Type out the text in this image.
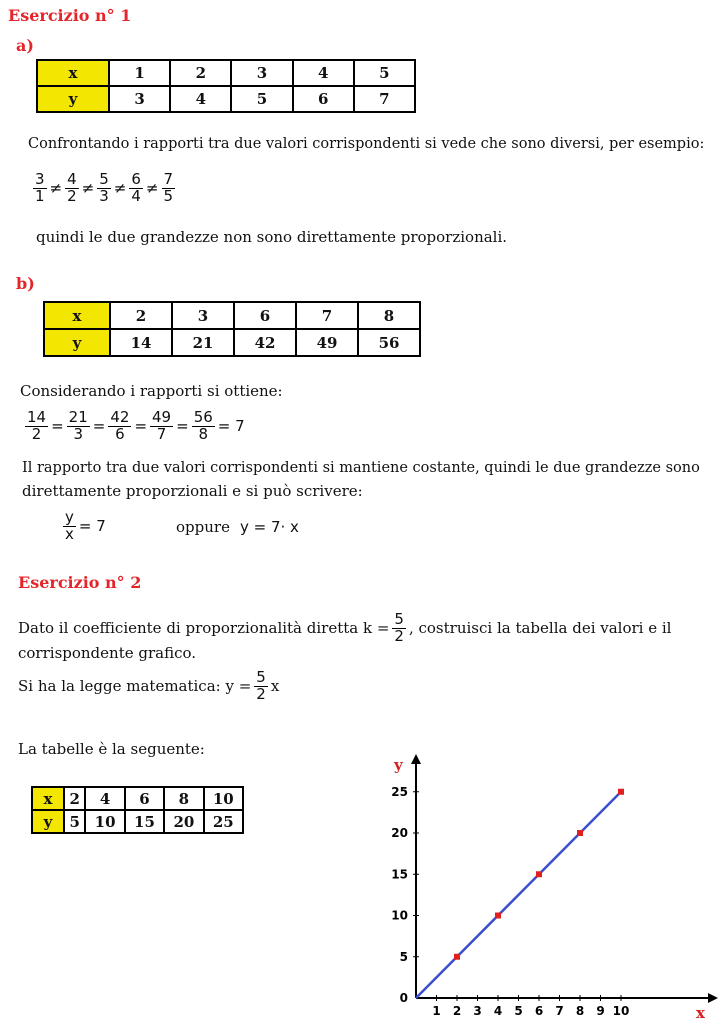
Esercizio n° 1
a)
x	1	2	3	4	5
y	3	4	5	6	7
Confrontando i rapporti tra due valori corrispondenti si vede che sono diversi, per esempio:
$\frac{3}{1} \ne \frac{4}{2} \ne \frac{5}{3} \ne \frac{6}{4} \ne \frac{7}{5}$
quindi le due grandezze non sono direttamente proporzionali.
b)
x	2	3	6	7	8
y	14	21	42	49	56
Considerando i rapporti si ottiene:
$\frac{14}{2} = \frac{21}{3} = \frac{42}{6} = \frac{49}{7} = \frac{56}{8} = 7$
Il rapporto tra due valori corrispondenti si mantiene costante, quindi le due grandezze sono
direttamente proporzionali e si può scrivere:
$\frac{y}{x} = 7$	oppure y = 7· x
Esercizio n° 2
Dato il coefficiente di proporzionalità diretta $k = \frac{5}{2}$ , costruisci la tabella dei valori e il
corrispondente grafico.
Si ha la legge matematica: $y = \frac{5}{2}$ x
La tabelle è la seguente:
x	2	4	6	8	10
y	5	10	15	20	25
1 2 3 4 5 6 7 8 9 10
0
5
10
15
20
25
x
y
